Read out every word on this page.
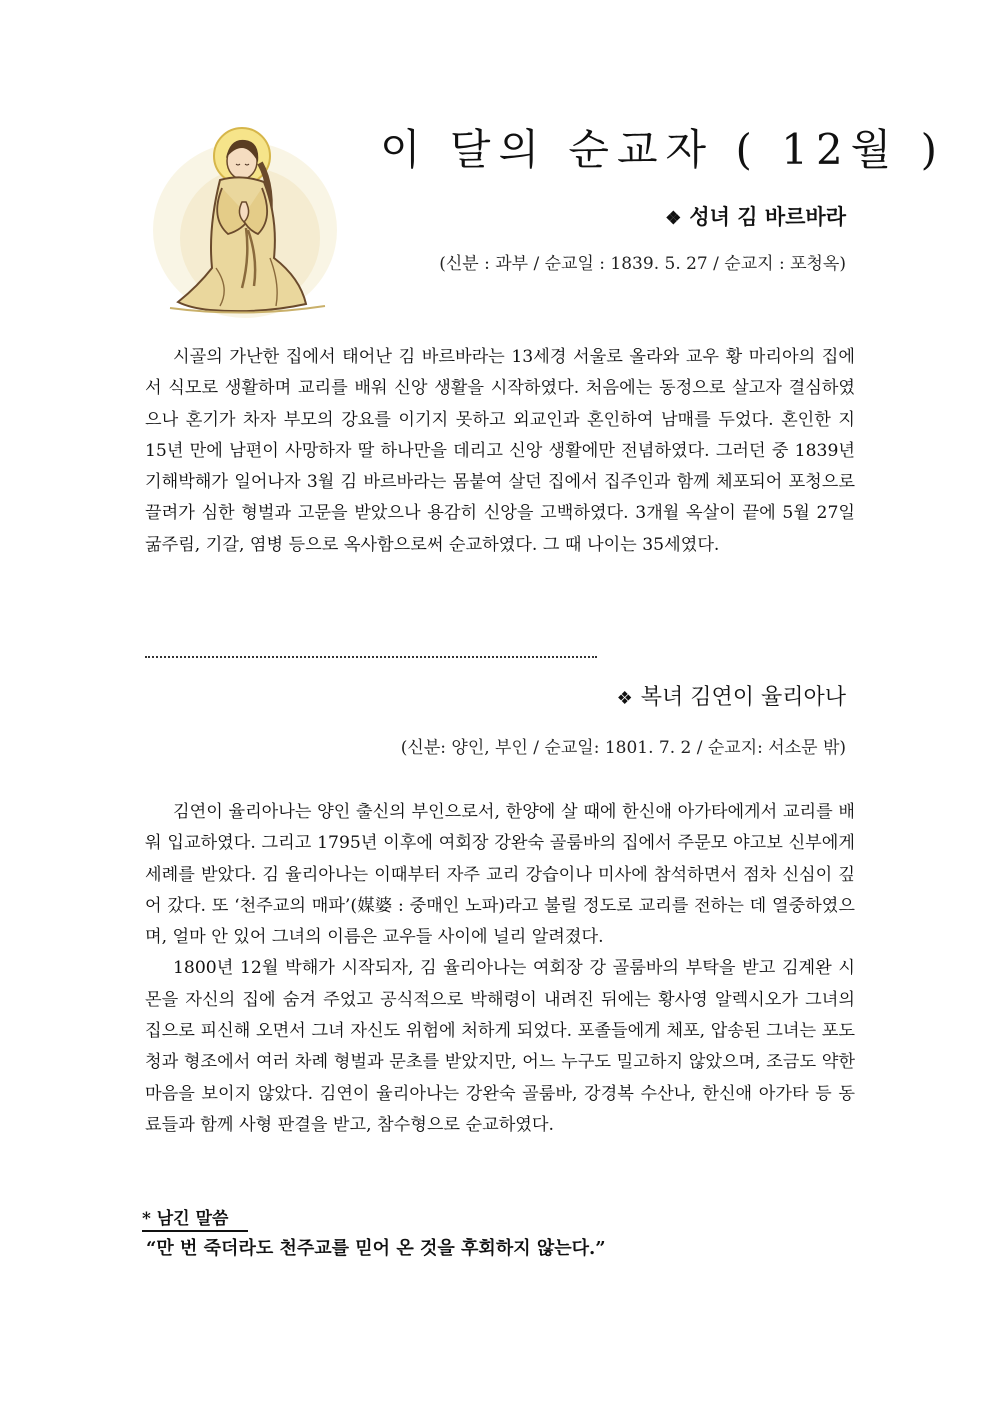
이 달의 순교자 ( 12월 )
❖ 성녀 김 바르바라
(신분 : 과부 / 순교일 : 1839. 5. 27 / 순교지 : 포청옥)

시골의 가난한 집에서 태어난 김 바르바라는 13세경 서울로 올라와 교우 황 마리아의 집에서 식모로 생활하며 교리를 배워 신앙 생활을 시작하였다. 처음에는 동정으로 살고자 결심하였으나 혼기가 차자 부모의 강요를 이기지 못하고 외교인과 혼인하여 남매를 두었다. 혼인한 지 15년 만에 남편이 사망하자 딸 하나만을 데리고 신앙 생활에만 전념하였다. 그러던 중 1839년 기해박해가 일어나자 3월 김 바르바라는 몸붙여 살던 집에서 집주인과 함께 체포되어 포청으로 끌려가 심한 형벌과 고문을 받았으나 용감히 신앙을 고백하였다. 3개월 옥살이 끝에 5월 27일 굶주림, 기갈, 염병 등으로 옥사함으로써 순교하였다. 그 때 나이는 35세였다.

❖ 복녀 김연이 율리아나
(신분: 양인, 부인 / 순교일: 1801. 7. 2 / 순교지: 서소문 밖)

김연이 율리아나는 양인 출신의 부인으로서, 한양에 살 때에 한신애 아가타에게서 교리를 배워 입교하였다. 그리고 1795년 이후에 여회장 강완숙 골룸바의 집에서 주문모 야고보 신부에게 세례를 받았다. 김 율리아나는 이때부터 자주 교리 강습이나 미사에 참석하면서 점차 신심이 깊어 갔다. 또 ‘천주교의 매파’(媒婆 : 중매인 노파)라고 불릴 정도로 교리를 전하는 데 열중하였으며, 얼마 안 있어 그녀의 이름은 교우들 사이에 널리 알려졌다.

1800년 12월 박해가 시작되자, 김 율리아나는 여회장 강 골룸바의 부탁을 받고 김계완 시몬을 자신의 집에 숨겨 주었고 공식적으로 박해령이 내려진 뒤에는 황사영 알렉시오가 그녀의 집으로 피신해 오면서 그녀 자신도 위험에 처하게 되었다. 포졸들에게 체포, 압송된 그녀는 포도청과 형조에서 여러 차례 형벌과 문초를 받았지만, 어느 누구도 밀고하지 않았으며, 조금도 약한 마음을 보이지 않았다. 김연이 율리아나는 강완숙 골룸바, 강경복 수산나, 한신애 아가타 등 동료들과 함께 사형 판결을 받고, 참수형으로 순교하였다.

* 남긴 말씀
“만 번 죽더라도 천주교를 믿어 온 것을 후회하지 않는다.”
